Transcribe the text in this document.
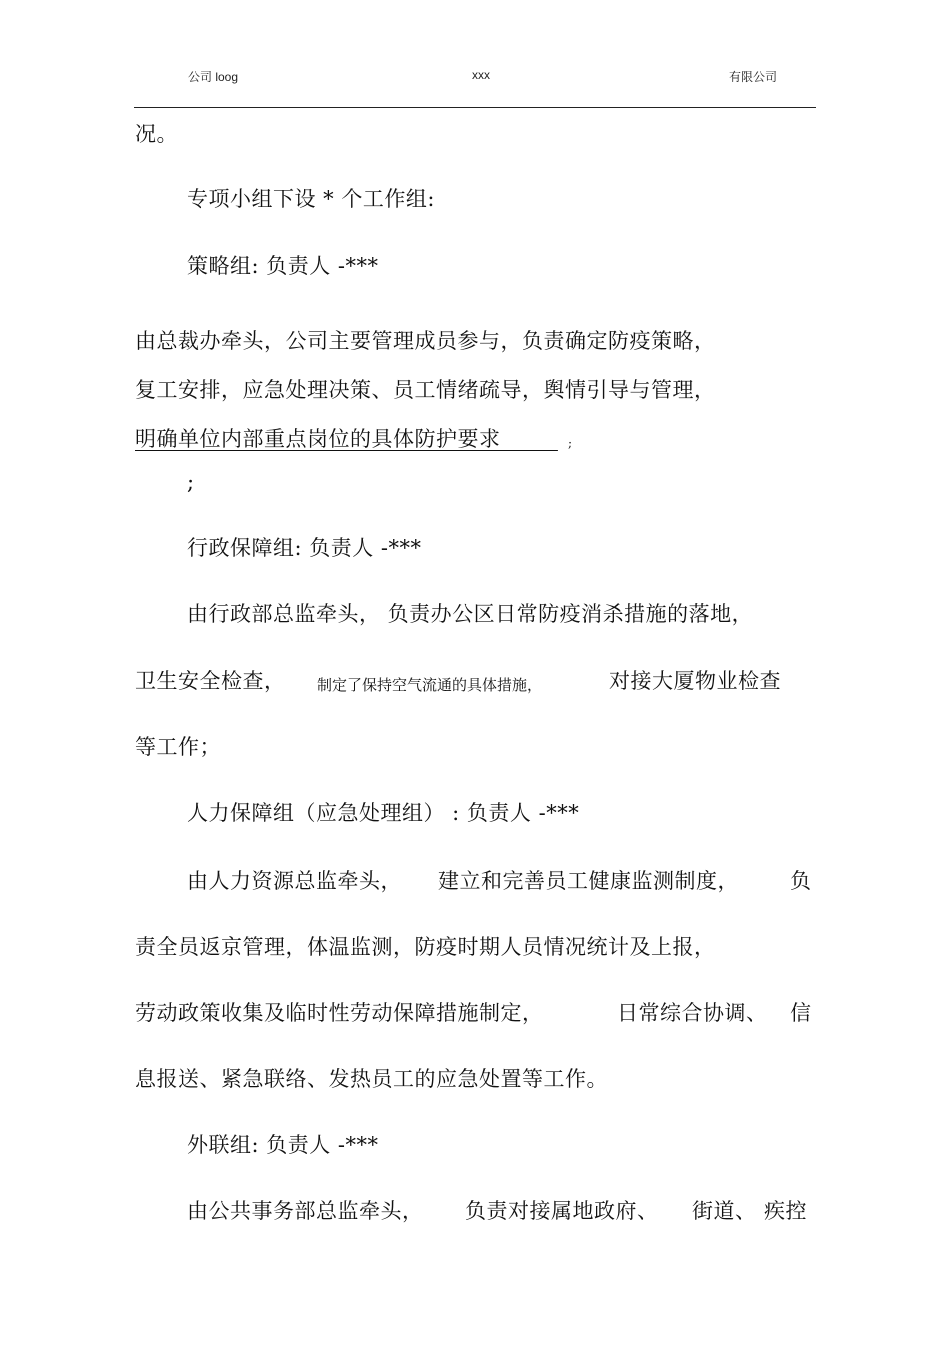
公司 loog	xxx	有限公司
况。
专项小组下设 * 个工作组:
策略组: 负责人 -***
由总裁办牵头，公司主要管理成员参与，负责确定防疫策略，
复工安排，应急处理决策、员工情绪疏导，舆情引导与管理，
明确单位内部重点岗位的具体防护要求	;
;
行政保障组: 负责人 -***
由行政部总监牵头， 负责办公区日常防疫消杀措施的落地，
卫生安全检查， 制定了保持空气流通的具体措施，	对接大厦物业检查
等工作；
人力保障组（应急处理组） : 负责人 -***
由人力资源总监牵头， 建立和完善员工健康监测制度， 负
责全员返京管理，体温监测，防疫时期人员情况统计及上报，
劳动政策收集及临时性劳动保障措施制定，	日常综合协调、 信
息报送、紧急联络、发热员工的应急处置等工作。
外联组: 负责人 -***
由公共事务部总监牵头， 负责对接属地政府、 街道、 疾控
